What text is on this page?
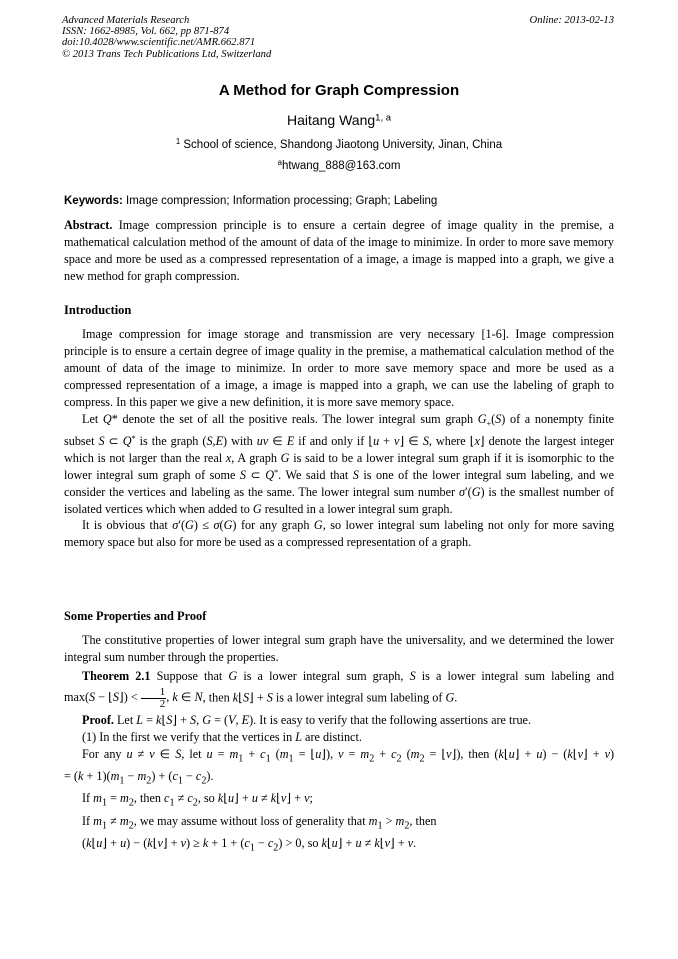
Advanced Materials Research
ISSN: 1662-8985, Vol. 662, pp 871-874
doi:10.4028/www.scientific.net/AMR.662.871
© 2013 Trans Tech Publications Ltd, Switzerland
Online: 2013-02-13
A Method for Graph Compression
Haitang Wang$^{1, a}$
$^1$ School of science, Shandong Jiaotong University, Jinan, China
$^a$htwang_888@163.com
Keywords: Image compression; Information processing; Graph; Labeling

Abstract. Image compression principle is to ensure a certain degree of image quality in the premise, a mathematical calculation method of the amount of data of the image to minimize. In order to more save memory space and more be used as a compressed representation of a image, a image is mapped into a graph, we give a new method for graph compression.

Introduction

Image compression for image storage and transmission are very necessary [1-6]. Image compression principle is to ensure a certain degree of image quality in the premise, a mathematical calculation method of the amount of data of the image to minimize. In order to more save memory space and more be used as a compressed representation of a image, a image is mapped into a graph, we can use the labeling of graph to compress. In this paper we give a new definition, it is more save memory space.

Let Q* denote the set of all the positive reals. The lower integral sum graph $G_+(S)$ of a nonempty finite subset S ⊂ Q* is the graph (S,E) with uv ∈ E if and only if ⌊u + v⌋ ∈ S, where ⌊x⌋ denote the largest integer which is not larger than the real x, A graph G is said to be a lower integral sum graph if it is isomorphic to the lower integral sum graph of some S ⊂ Q*. We said that S is one of the lower integral sum labeling, and we consider the vertices and labeling as the same. The lower integral sum number σ′(G) is the smallest number of isolated vertices which when added to G resulted in a lower integral sum graph.

It is obvious that σ′(G) ≤ σ(G) for any graph G, so lower integral sum labeling not only for more saving memory space but also for more be used as a compressed representation of a graph.

Some Properties and Proof

The constitutive properties of lower integral sum graph have the universality, and we determined the lower integral sum number through the properties.

Theorem 2.1 Suppose that G is a lower integral sum graph, S is a lower integral sum labeling and max(S − ⌊S⌋) < $\frac{1}{2}$ , k ∈ N, then k⌊S⌋ + S is a lower integral sum labeling of G.

Proof. Let L = k⌊S⌋ + S, G = (V, E). It is easy to verify that the following assertions are true.

(1) In the first we verify that the vertices in L are distinct.

For any u ≠ v ∈ S, let $u = m_1 + c_1$ ($m_1$ = ⌊u⌋), $v = m_2 + c_2$ ($m_2$ = ⌊v⌋), then (k⌊u⌋ + u) − (k⌊v⌋ + $v) = (k + 1)(m_1 - m_2) + (c_1 - c_2)$.

If $m_1 = m_2$, then $c_1 \ne c_2$, so k⌊u⌋ + u ≠ k⌊v⌋ + v;

If $m_1 \ne m_2$, we may assume without loss of generality that $m_1 > m_2$, then

(k⌊u⌋ + u) − (k⌊v⌋ + $v) \ge k + 1 + (c_1 - c_2) > 0$, so k⌊u⌋ + u ≠ k⌊v⌋ + v.
